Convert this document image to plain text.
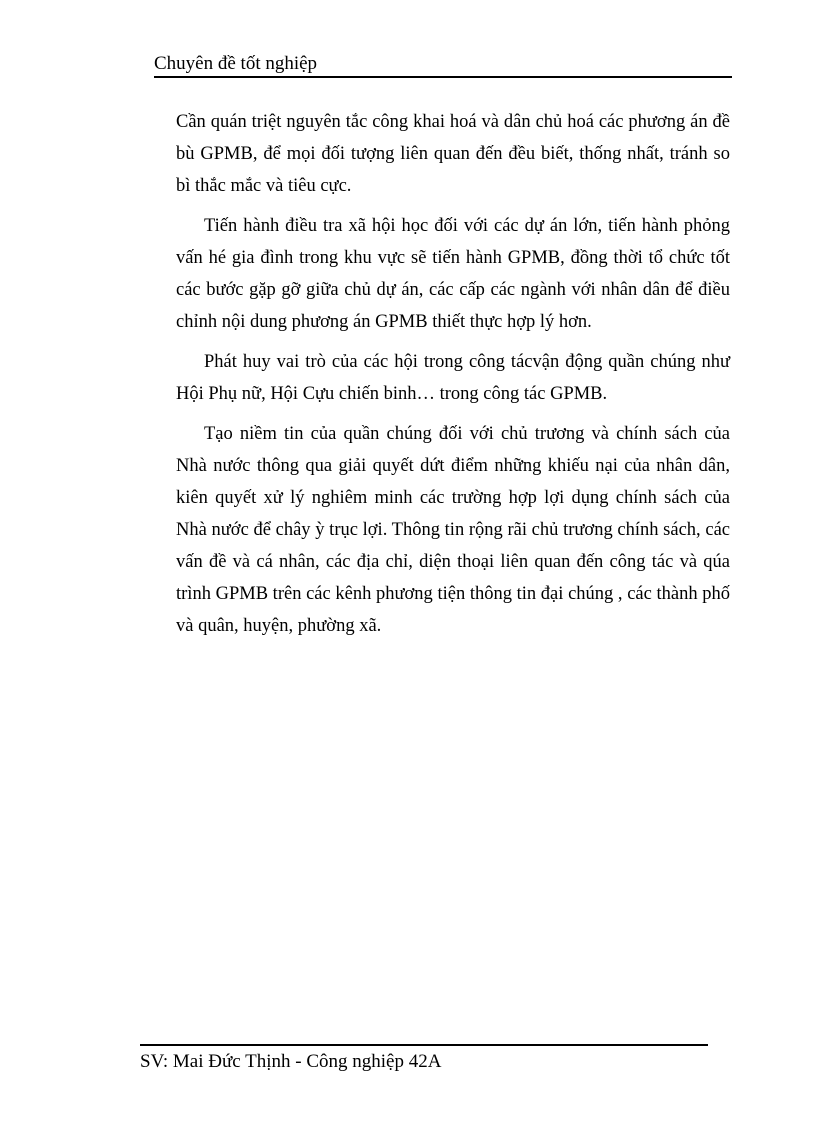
Chuyên đề tốt nghiệp

Cần quán triệt nguyên tắc công khai hoá và dân chủ hoá các phương án đề bù GPMB, để mọi đối tượng liên quan đến đều biết, thống nhất, tránh so bì thắc mắc và tiêu cực.

Tiến hành điều tra xã hội học đối với các dự án lớn, tiến hành phỏng vấn hé gia đình trong khu vực sẽ tiến hành GPMB, đồng thời tổ chức tốt các bước gặp gỡ giữa chủ dự án, các cấp các ngành với nhân dân để điều chỉnh nội dung phương án GPMB thiết thực hợp lý hơn.

Phát huy vai trò của các hội trong công tácvận động quần chúng như Hội Phụ nữ, Hội Cựu chiến binh… trong công tác GPMB.

Tạo niềm tin của quần chúng đối với chủ trương và chính sách của Nhà nước thông qua giải quyết dứt điểm những khiếu nại của nhân dân, kiên quyết xử lý nghiêm minh các trường hợp lợi dụng chính sách của Nhà nước để chây ỳ trục lợi. Thông tin rộng rãi chủ trương chính sách, các vấn đề và cá nhân, các địa chỉ, diện thoại liên quan đến công tác và qúa trình GPMB trên các kênh phương tiện thông tin đại chúng , các thành phố và quân, huyện, phường xã.

SV: Mai Đức Thịnh - Công nghiệp 42A
